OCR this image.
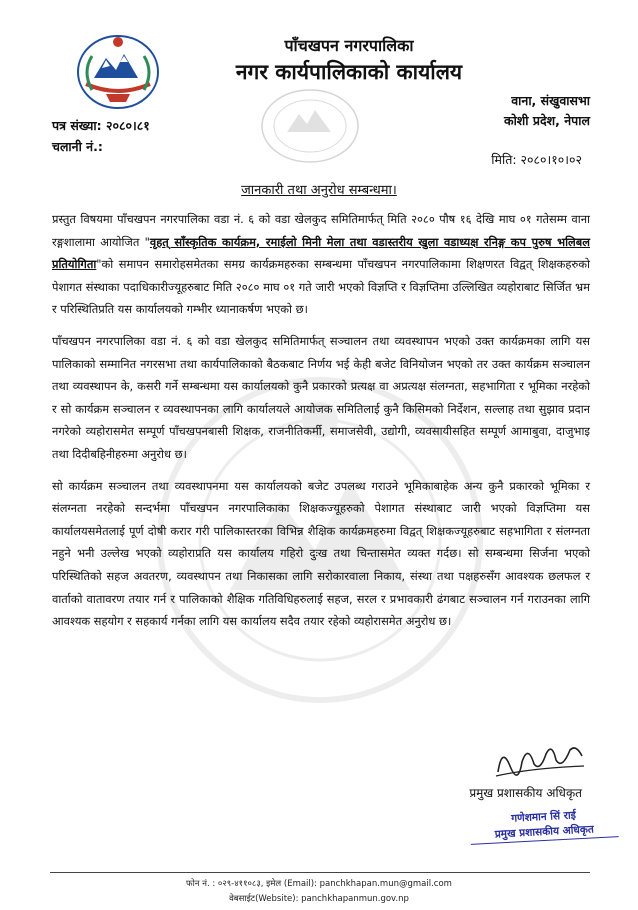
पाँचखपन नगरपालिका
नगर कार्यपालिकाको कार्यालय
वाना, संखुवासभा
कोशी प्रदेश, नेपाल
पत्र संख्या: २०८०।८१
चलानी नं.:
मिति: २०८०।१०।०२
जानकारी तथा अनुरोध सम्बन्धमा।

प्रस्तुत विषयमा पाँचखपन नगरपालिका वडा नं. ६ को वडा खेलकुद समितिमार्फत् मिति २०८० पौष १६ देखि माघ ०१ गतेसम्म वाना रङ्गशालामा आयोजित "वृहत् साँस्कृतिक कार्यक्रम, रमाईलो मिनी मेला तथा वडास्तरीय खुला वडाध्यक्ष रनिङ्ग कप पुरुष भलिबल प्रतियोगिता"को समापन समारोहसमेतका समग्र कार्यक्रमहरुका सम्बन्धमा पाँचखपन नगरपालिकामा शिक्षणरत विद्वत् शिक्षकहरुको पेशागत संस्थाका पदाधिकारीज्यूहरुबाट मिति २०८० माघ ०१ गते जारी भएको विज्ञप्ति र विज्ञप्तिमा उल्लिखित व्यहोराबाट सिर्जित भ्रम र परिस्थितिप्रति यस कार्यालयको गम्भीर ध्यानाकर्षण भएको छ।

पाँचखपन नगरपालिका वडा नं. ६ को वडा खेलकुद समितिमार्फत् सञ्चालन तथा व्यवस्थापन भएको उक्त कार्यक्रमका लागि यस पालिकाको सम्मानित नगरसभा तथा कार्यपालिकाको बैठकबाट निर्णय भई केही बजेट विनियोजन भएको तर उक्त कार्यक्रम सञ्चालन तथा व्यवस्थापन के, कसरी गर्ने सम्बन्धमा यस कार्यालयको कुनै प्रकारको प्रत्यक्ष वा अप्रत्यक्ष संलग्नता, सहभागिता र भूमिका नरहेको र सो कार्यक्रम सञ्चालन र व्यवस्थापनका लागि कार्यालयले आयोजक समितिलाई कुनै किसिमको निर्देशन, सल्लाह तथा सुझाव प्रदान नगरेको व्यहोरासमेत सम्पूर्ण पाँचखपनबासी शिक्षक, राजनीतिकर्मी, समाजसेवी, उद्योगी, व्यवसायीसहित सम्पूर्ण आमाबुवा, दाजुभाइ तथा दिदीबहिनीहरुमा अनुरोध छ।

सो कार्यक्रम सञ्चालन तथा व्यवस्थापनमा यस कार्यालयको बजेट उपलब्ध गराउने भूमिकाबाहेक अन्य कुनै प्रकारको भूमिका र संलग्नता नरहेको सन्दर्भमा पाँचखपन नगरपालिकाका शिक्षकज्यूहरुको पेशागत संस्थाबाट जारी भएको विज्ञप्तिमा यस कार्यालयसमेतलाई पूर्ण दोषी करार गरी पालिकास्तरका विभिन्न शैक्षिक कार्यक्रमहरुमा विद्वत् शिक्षकज्यूहरुबाट सहभागिता र संलग्नता नहुने भनी उल्लेख भएको व्यहोराप्रति यस कार्यालय गहिरो दुःख तथा चिन्तासमेत व्यक्त गर्दछ। सो सम्बन्धमा सिर्जना भएको परिस्थितिको सहज अवतरण, व्यवस्थापन तथा निकासका लागि सरोकारवाला निकाय, संस्था तथा पक्षहरुसँग आवश्यक छलफल र वार्ताको वातावरण तयार गर्न र पालिकाको शैक्षिक गतिविधिहरुलाई सहज, सरल र प्रभावकारी ढंगबाट सञ्चालन गर्न गराउनका लागि आवश्यक सहयोग र सहकार्य गर्नका लागि यस कार्यालय सदैव तयार रहेको व्यहोरासमेत अनुरोध छ।

प्रमुख प्रशासकीय अधिकृत
गणेशमान सिं राई
प्रमुख प्रशासकीय अधिकृत
फोन नं. : ०२९-४११०८३, इमेल (Email): panchkhapan.mun@gmail.com
वेबसाईट(Website): panchkhapanmun.gov.np
